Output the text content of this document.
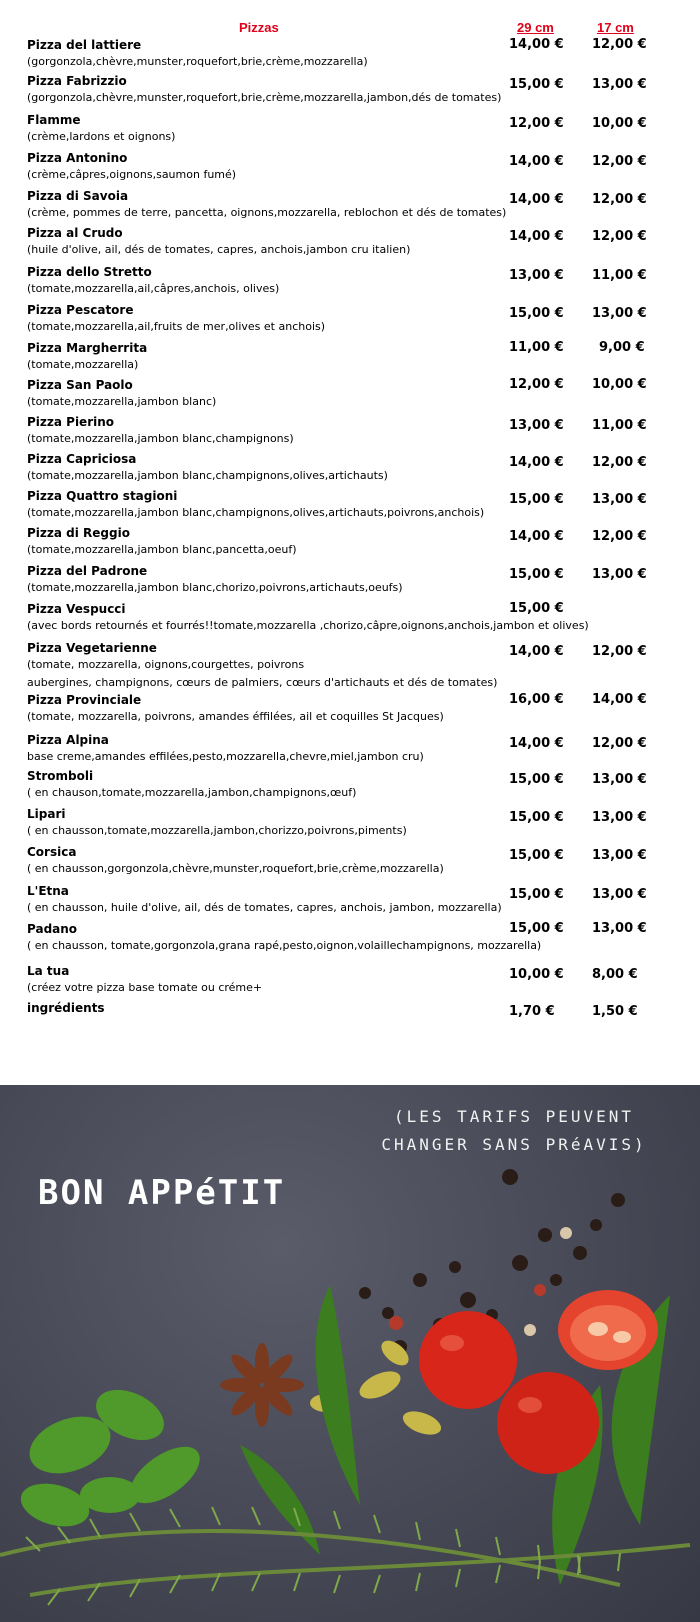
Pizzas	29 cm	17 cm
Pizza del lattiere
(gorgonzola,chèvre,munster,roquefort,brie,crème,mozzarella)
14,00 € 12,00 €
Pizza Fabrizzio
(gorgonzola,chèvre,munster,roquefort,brie,crème,mozzarella,jambon,dés de tomates)
15,00 € 13,00 €
Flamme
(crème,lardons et oignons)
12,00 € 10,00 €
Pizza Antonino
(crème,câpres,oignons,saumon fumé)
14,00 € 12,00 €
Pizza di Savoia
(crème, pommes de terre, pancetta, oignons,mozzarella, reblochon et dés de tomates)
14,00 € 12,00 €
Pizza al Crudo
(huile d'olive, ail, dés de tomates, capres, anchois,jambon cru italien)
14,00 € 12,00 €
Pizza dello Stretto
(tomate,mozzarella,ail,câpres,anchois, olives)
13,00 € 11,00 €
Pizza Pescatore
(tomate,mozzarella,ail,fruits de mer,olives et anchois)
15,00 € 13,00 €
Pizza Margherrita
(tomate,mozzarella)
11,00 €	9,00 €
Pizza San Paolo
(tomate,mozzarella,jambon blanc)
12,00 € 10,00 €
Pizza Pierino
(tomate,mozzarella,jambon blanc,champignons)
13,00 € 11,00 €
Pizza Capriciosa
(tomate,mozzarella,jambon blanc,champignons,olives,artichauts)
14,00 € 12,00 €
Pizza Quattro stagioni
(tomate,mozzarella,jambon blanc,champignons,olives,artichauts,poivrons,anchois)
15,00 € 13,00 €
Pizza di Reggio
(tomate,mozzarella,jambon blanc,pancetta,oeuf)
14,00 € 12,00 €
Pizza del Padrone
(tomate,mozzarella,jambon blanc,chorizo,poivrons,artichauts,oeufs)
15,00 € 13,00 €
Pizza Vespucci
(avec bords retournés et fourrés!!tomate,mozzarella ,chorizo,câpre,oignons,anchois,jambon et olives)
15,00 €
Pizza Vegetarienne
(tomate, mozzarella, oignons,courgettes, poivrons
aubergines, champignons, cœurs de palmiers, cœurs d'artichauts et dés de tomates)
14,00 € 12,00 €
Pizza Provinciale
(tomate, mozzarella, poivrons, amandes éffilées, ail et coquilles St Jacques)
16,00 € 14,00 €
Pizza Alpina
base creme,amandes effilées,pesto,mozzarella,chevre,miel,jambon cru)
14,00 € 12,00 €
Stromboli
( en chauson,tomate,mozzarella,jambon,champignons,œuf)
15,00 € 13,00 €
Lipari
( en chausson,tomate,mozzarella,jambon,chorizzo,poivrons,piments)
15,00 € 13,00 €
Corsica
( en chausson,gorgonzola,chèvre,munster,roquefort,brie,crème,mozzarella)
15,00 € 13,00 €
L'Etna
( en chausson, huile d'olive, ail, dés de tomates, capres, anchois, jambon, mozzarella)
15,00 € 13,00 €
Padano
( en chausson, tomate,gorgonzola,grana rapé,pesto,oignon,volaillechampignons, mozzarella)
15,00 € 13,00 €
La tua
(créez votre pizza base tomate ou créme+
10,00 € 8,00 €
ingrédients	1,70 €	1,50 €
(LES TARIFS PEUVENT
CHANGER SANS PRéAVIS)
BON APPéTIT
